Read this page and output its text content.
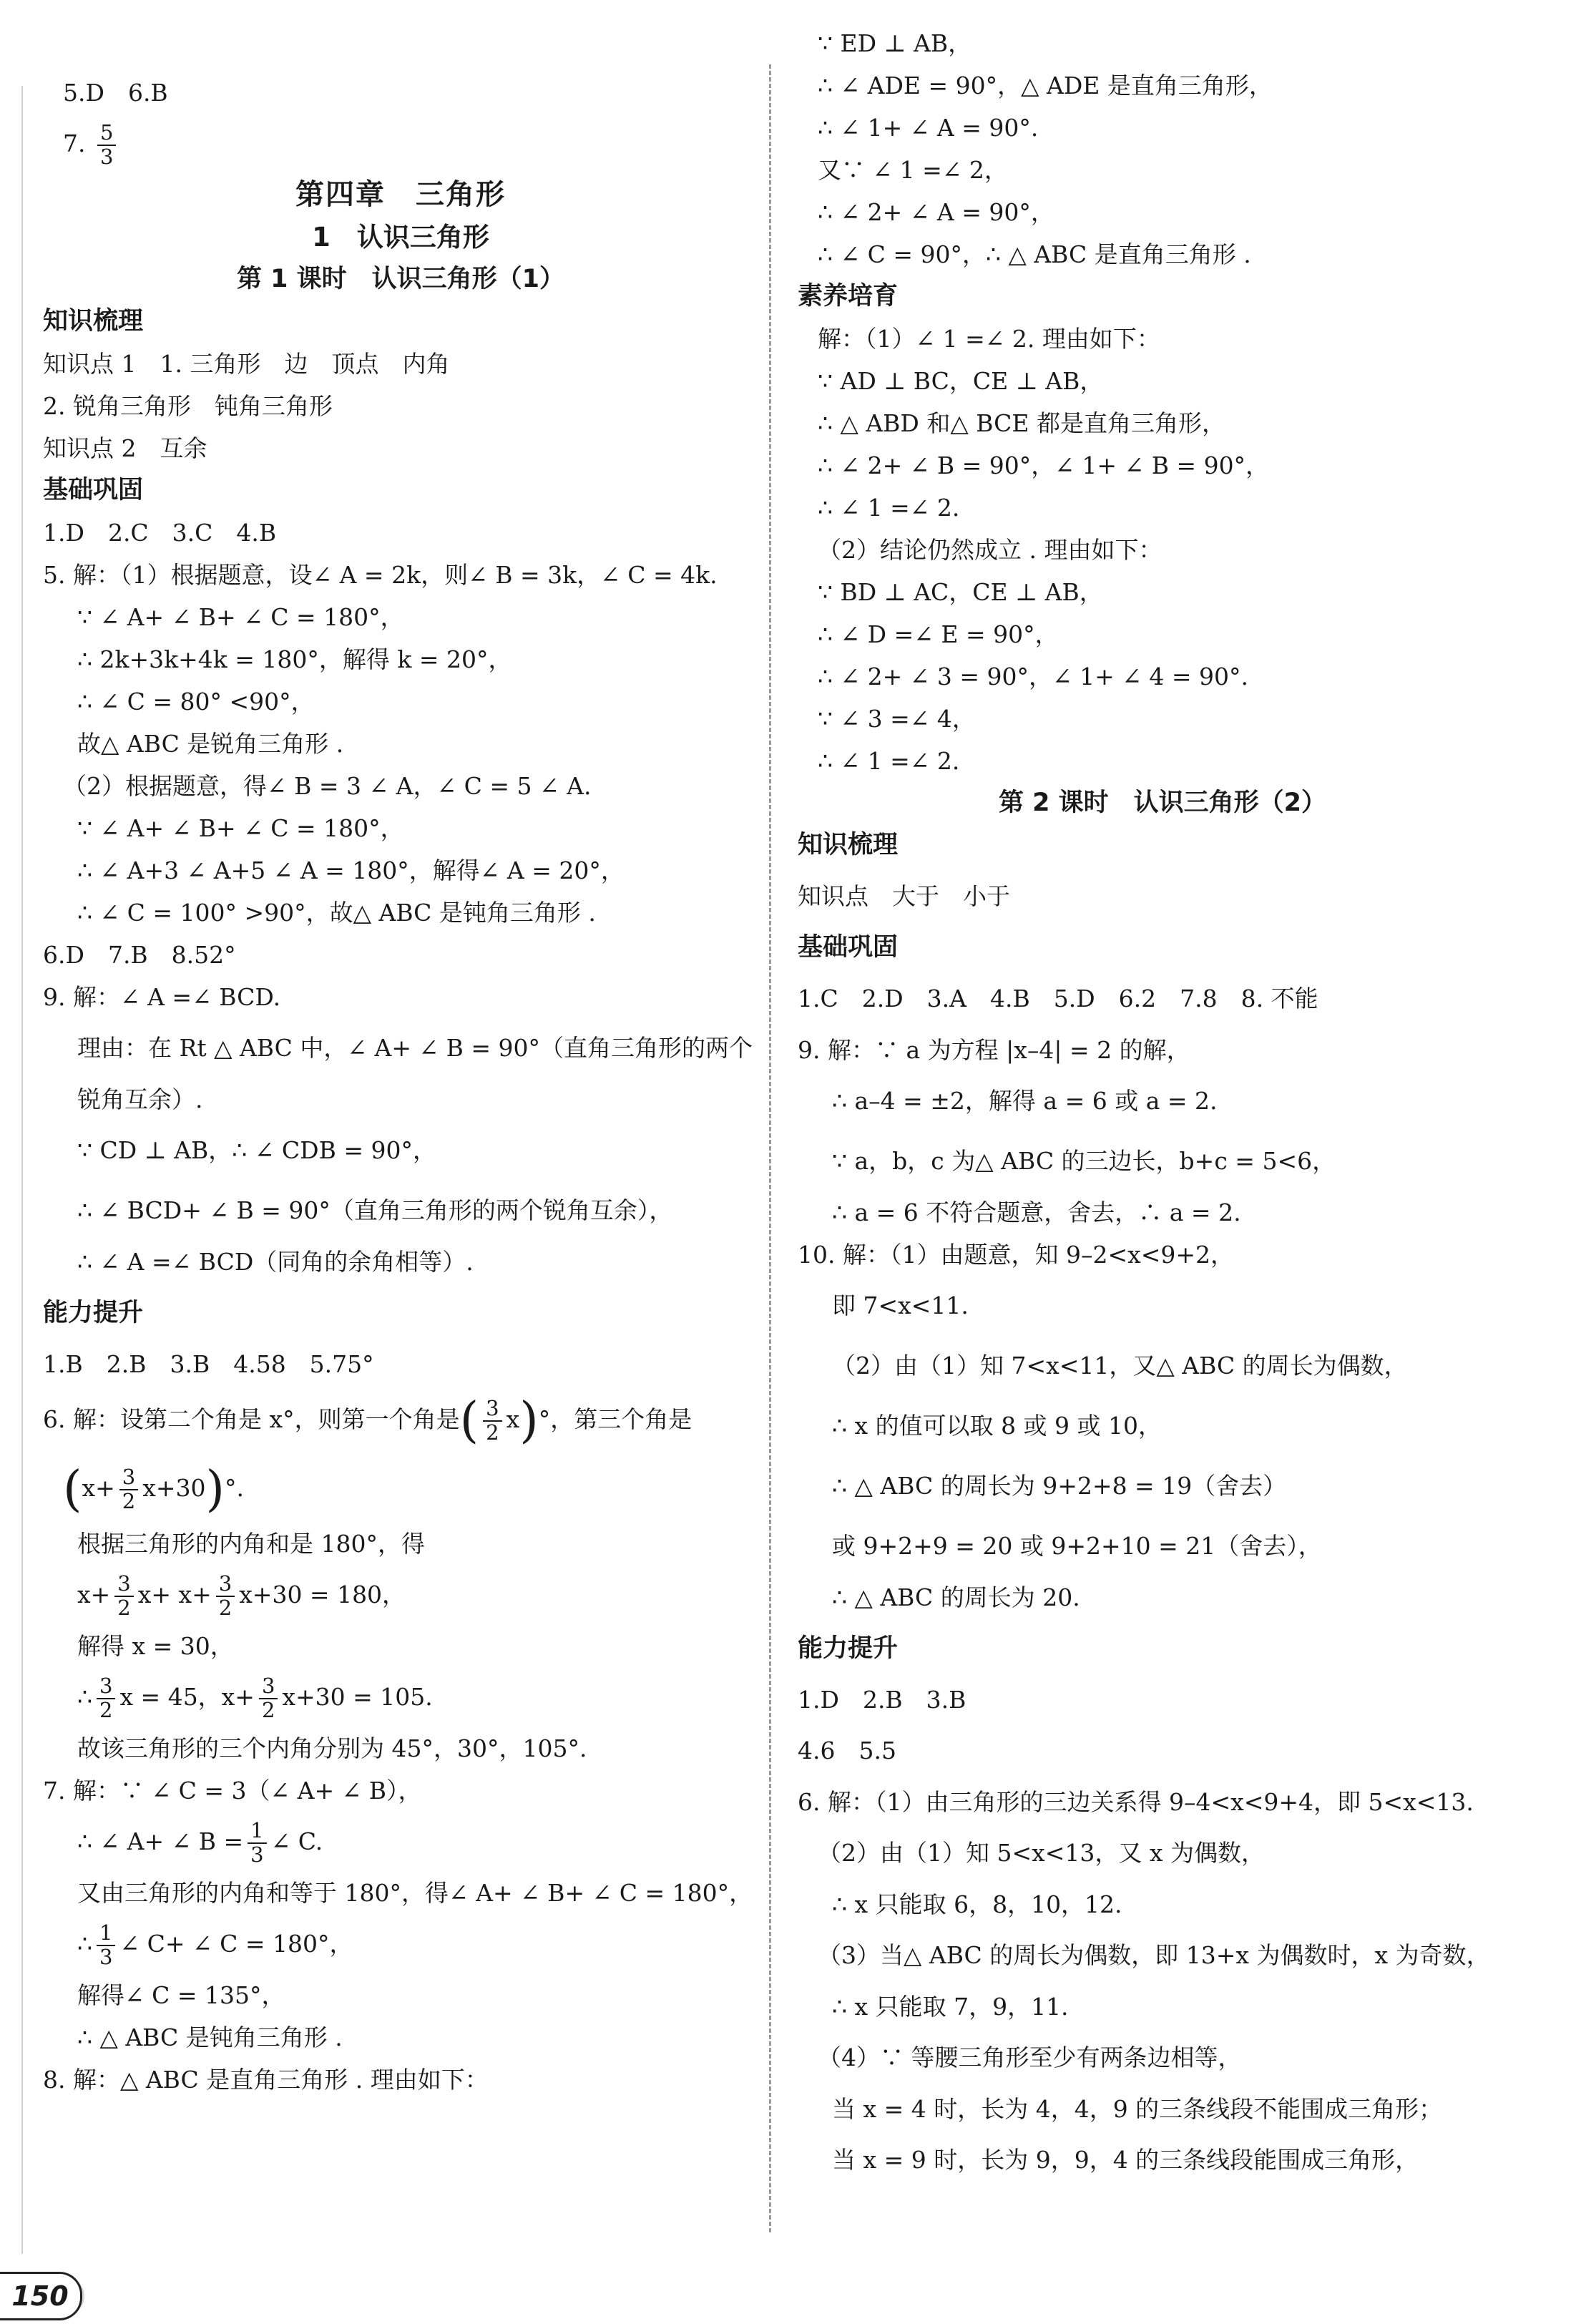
5.D　6.B
7. $\frac{5}{3}$
第四章　三角形
1　认识三角形
第 1 课时　认识三角形（1）
知识梳理
知识点 1　1. 三角形　边　顶点　内角
2. 锐角三角形　钝角三角形
知识点 2　互余
基础巩固
1.D　2.C　3.C　4.B
5. 解：（1）根据题意，设∠ A = 2k，则∠ B = 3k，∠ C = 4k.
∵ ∠ A+ ∠ B+ ∠ C = 180°，
∴ 2k+3k+4k = 180°，解得 k = 20°，
∴ ∠ C = 80° <90°，
故△ ABC 是锐角三角形 .
（2）根据题意，得∠ B = 3 ∠ A，∠ C = 5 ∠ A.
∵ ∠ A+ ∠ B+ ∠ C = 180°，
∴ ∠ A+3 ∠ A+5 ∠ A = 180°，解得∠ A = 20°，
∴ ∠ C = 100° >90°，故△ ABC 是钝角三角形 .
6.D　7.B　8.52°
9. 解：∠ A =∠ BCD.
理由：在 Rt △ ABC 中，∠ A+ ∠ B = 90°（直角三角形的两个
锐角互余）.
∵ CD ⊥ AB，∴ ∠ CDB = 90°，
∴ ∠ BCD+ ∠ B = 90°（直角三角形的两个锐角互余），
∴ ∠ A =∠ BCD（同角的余角相等）.
能力提升
1.B　2.B　3.B　4.58　5.75°
6. 解：设第二个角是 x°，则第一个角是( $\frac{3}{2} x)^\circ$，第三个角是
$(x+ \frac{3}{2} x+30)^\circ$.
根据三角形的内角和是 180°，得
$x+ \frac{3}{2} x+ x+ \frac{3}{2} x+30 = 180$，
解得 x = 30，
∴ $\frac{3}{2}$ x = 45，$x+ \frac{3}{2} x+30 = 105$.
故该三角形的三个内角分别为 45°，30°，105°.
7. 解：∵ ∠ C = 3（∠ A+ ∠ B），
∴ ∠ A+ ∠ $B = \frac{1}{3}$ ∠ C.
又由三角形的内角和等于 180°，得∠ A+ ∠ B+ ∠ C = 180°，
∴ $\frac{1}{3}$ ∠ C+ ∠ C = 180°，
解得∠ C = 135°，
∴ △ ABC 是钝角三角形 .
8. 解：△ ABC 是直角三角形 . 理由如下：
∵ ED ⊥ AB，
∴ ∠ ADE = 90°，△ ADE 是直角三角形，
∴ ∠ 1+ ∠ A = 90°.
又∵ ∠ 1 =∠ 2，
∴ ∠ 2+ ∠ A = 90°，
∴ ∠ C = 90°，∴ △ ABC 是直角三角形 .
素养培育
解：（1）∠ 1 =∠ 2. 理由如下：
∵ AD ⊥ BC，CE ⊥ AB，
∴ △ ABD 和△ BCE 都是直角三角形，
∴ ∠ 2+ ∠ B = 90°，∠ 1+ ∠ B = 90°，
∴ ∠ 1 =∠ 2.
（2）结论仍然成立 . 理由如下：
∵ BD ⊥ AC，CE ⊥ AB，
∴ ∠ D =∠ E = 90°，
∴ ∠ 2+ ∠ 3 = 90°，∠ 1+ ∠ 4 = 90°.
∵ ∠ 3 =∠ 4，
∴ ∠ 1 =∠ 2.
第 2 课时　认识三角形（2）
知识梳理
知识点　大于　小于
基础巩固
1.C　2.D　3.A　4.B　5.D　6.2　7.8　8. 不能
9. 解：∵ a 为方程 |x–4| = 2 的解，
∴ a–4 = ±2，解得 a = 6 或 a = 2.
∵ a，b，c 为△ ABC 的三边长，b+c = 5<6，
∴ a = 6 不符合题意，舍去，∴ a = 2.
10. 解：（1）由题意，知 9–2<x<9+2，
即 7<x<11.
（2）由（1）知 7<x<11，又△ ABC 的周长为偶数，
∴ x 的值可以取 8 或 9 或 10，
∴ △ ABC 的周长为 9+2+8 = 19（舍去）
或 9+2+9 = 20 或 9+2+10 = 21（舍去），
∴ △ ABC 的周长为 20.
能力提升
1.D　2.B　3.B
4.6　5.5
6. 解：（1）由三角形的三边关系得 9–4<x<9+4，即 5<x<13.
（2）由（1）知 5<x<13，又 x 为偶数，
∴ x 只能取 6，8，10，12.
（3）当△ ABC 的周长为偶数，即 13+x 为偶数时，x 为奇数，
∴ x 只能取 7，9，11.
（4）∵ 等腰三角形至少有两条边相等，
当 x = 4 时，长为 4，4，9 的三条线段不能围成三角形；
当 x = 9 时，长为 9，9，4 的三条线段能围成三角形，
150
